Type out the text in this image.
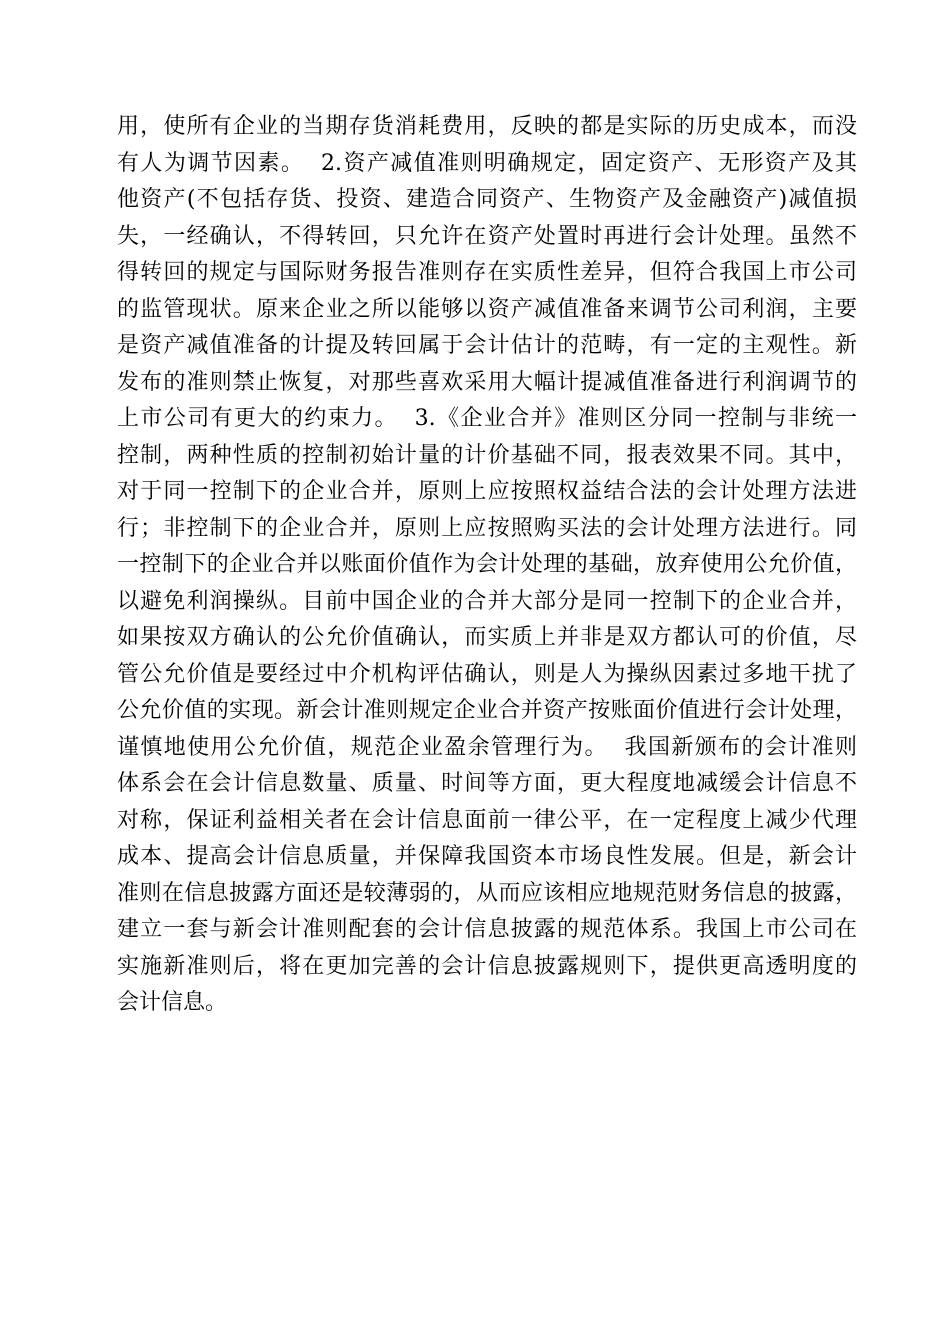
用，使所有企业的当期存货消耗费用，反映的都是实际的历史成本，而没
有人为调节因素。  2.资产减值准则明确规定，固定资产、无形资产及其
他资产(不包括存货、投资、建造合同资产、生物资产及金融资产)减值损
失，一经确认，不得转回，只允许在资产处置时再进行会计处理。虽然不
得转回的规定与国际财务报告准则存在实质性差异，但符合我国上市公司
的监管现状。原来企业之所以能够以资产减值准备来调节公司利润，主要
是资产减值准备的计提及转回属于会计估计的范畴，有一定的主观性。新
发布的准则禁止恢复，对那些喜欢采用大幅计提减值准备进行利润调节的
上市公司有更大的约束力。  3.《企业合并》准则区分同一控制与非统一
控制，两种性质的控制初始计量的计价基础不同，报表效果不同。其中，
对于同一控制下的企业合并，原则上应按照权益结合法的会计处理方法进
行；非控制下的企业合并，原则上应按照购买法的会计处理方法进行。同
一控制下的企业合并以账面价值作为会计处理的基础，放弃使用公允价值，
以避免利润操纵。目前中国企业的合并大部分是同一控制下的企业合并，
如果按双方确认的公允价值确认，而实质上并非是双方都认可的价值，尽
管公允价值是要经过中介机构评估确认，则是人为操纵因素过多地干扰了
公允价值的实现。新会计准则规定企业合并资产按账面价值进行会计处理，
谨慎地使用公允价值，规范企业盈余管理行为。  我国新颁布的会计准则
体系会在会计信息数量、质量、时间等方面，更大程度地减缓会计信息不
对称，保证利益相关者在会计信息面前一律公平，在一定程度上减少代理
成本、提高会计信息质量，并保障我国资本市场良性发展。但是，新会计
准则在信息披露方面还是较薄弱的，从而应该相应地规范财务信息的披露，
建立一套与新会计准则配套的会计信息披露的规范体系。我国上市公司在
实施新准则后，将在更加完善的会计信息披露规则下，提供更高透明度的
会计信息。
